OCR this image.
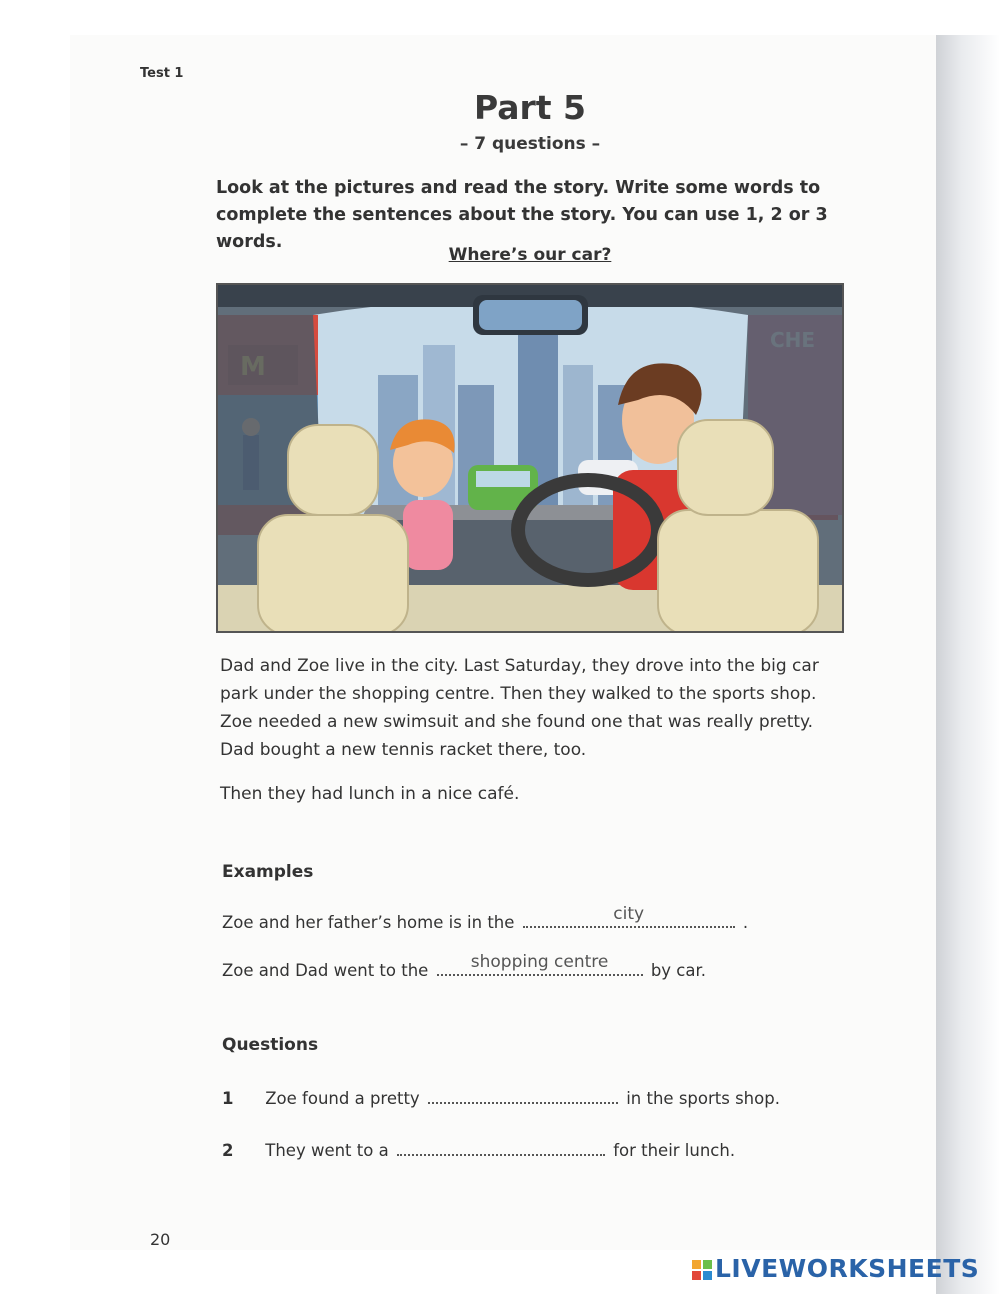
Test 1
Part 5
– 7 questions –
Look at the pictures and read the story. Write some words to complete the sentences about the story. You can use 1, 2 or 3 words.
Where’s our car?

Dad and Zoe live in the city. Last Saturday, they drove into the big car park under the shopping centre. Then they walked to the sports shop. Zoe needed a new swimsuit and she found one that was really pretty. Dad bought a new tennis racket there, too.

Then they had lunch in a nice café.

Examples
Zoe and her father’s home is in the	city	.
Zoe and Dad went to the	shopping centre	by car.
Questions
1 Zoe found a pretty	in the sports shop.
2 They went to a	for their lunch.
20
LIVEWORKSHEETS
